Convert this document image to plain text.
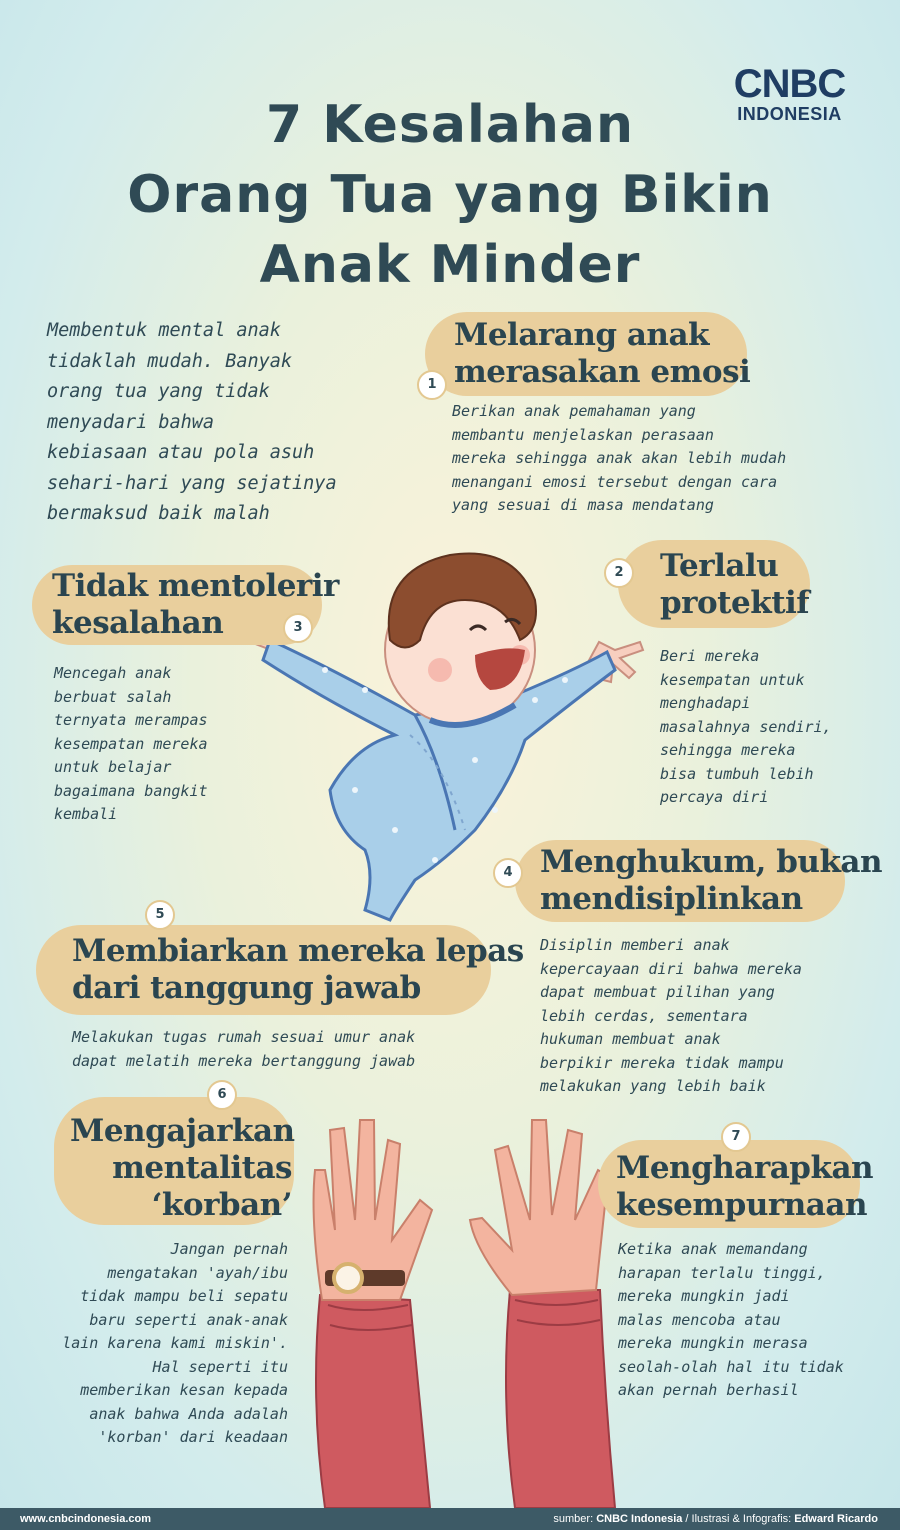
CNBC
INDONESIA
7 Kesalahan
Orang Tua yang Bikin
Anak Minder
Membentuk mental anak
tidaklah mudah. Banyak
orang tua yang tidak
menyadari bahwa
kebiasaan atau pola asuh
sehari-hari yang sejatinya
bermaksud baik malah
1
Melarang anak
merasakan emosi
Berikan anak pemahaman yang
membantu menjelaskan perasaan
mereka sehingga anak akan lebih mudah
menangani emosi tersebut dengan cara
yang sesuai di masa mendatang
2	Terlalu
protektif
Beri mereka
kesempatan untuk
menghadapi
masalahnya sendiri,
sehingga mereka
bisa tumbuh lebih
percaya diri
3
Tidak mentolerir
kesalahan
Mencegah anak
berbuat salah
ternyata merampas
kesempatan mereka
untuk belajar
bagaimana bangkit
kembali
4 Menghukum, bukan
mendisiplinkan
Disiplin memberi anak
kepercayaan diri bahwa mereka
dapat membuat pilihan yang
lebih cerdas, sementara
hukuman membuat anak
berpikir mereka tidak mampu
melakukan yang lebih baik
5
Membiarkan mereka lepas
dari tanggung jawab
Melakukan tugas rumah sesuai umur anak
dapat melatih mereka bertanggung jawab
6
Mengajarkan
mentalitas
‘korban’
Jangan pernah
mengatakan 'ayah/ibu
tidak mampu beli sepatu
baru seperti anak-anak
lain karena kami miskin'.
Hal seperti itu
memberikan kesan kepada
anak bahwa Anda adalah
'korban' dari keadaan
7
Mengharapkan
kesempurnaan
Ketika anak memandang
harapan terlalu tinggi,
mereka mungkin jadi
malas mencoba atau
mereka mungkin merasa
seolah-olah hal itu tidak
akan pernah berhasil
www.cnbcindonesia.com	sumber: CNBC Indonesia / Ilustrasi & Infografis: Edward Ricardo
